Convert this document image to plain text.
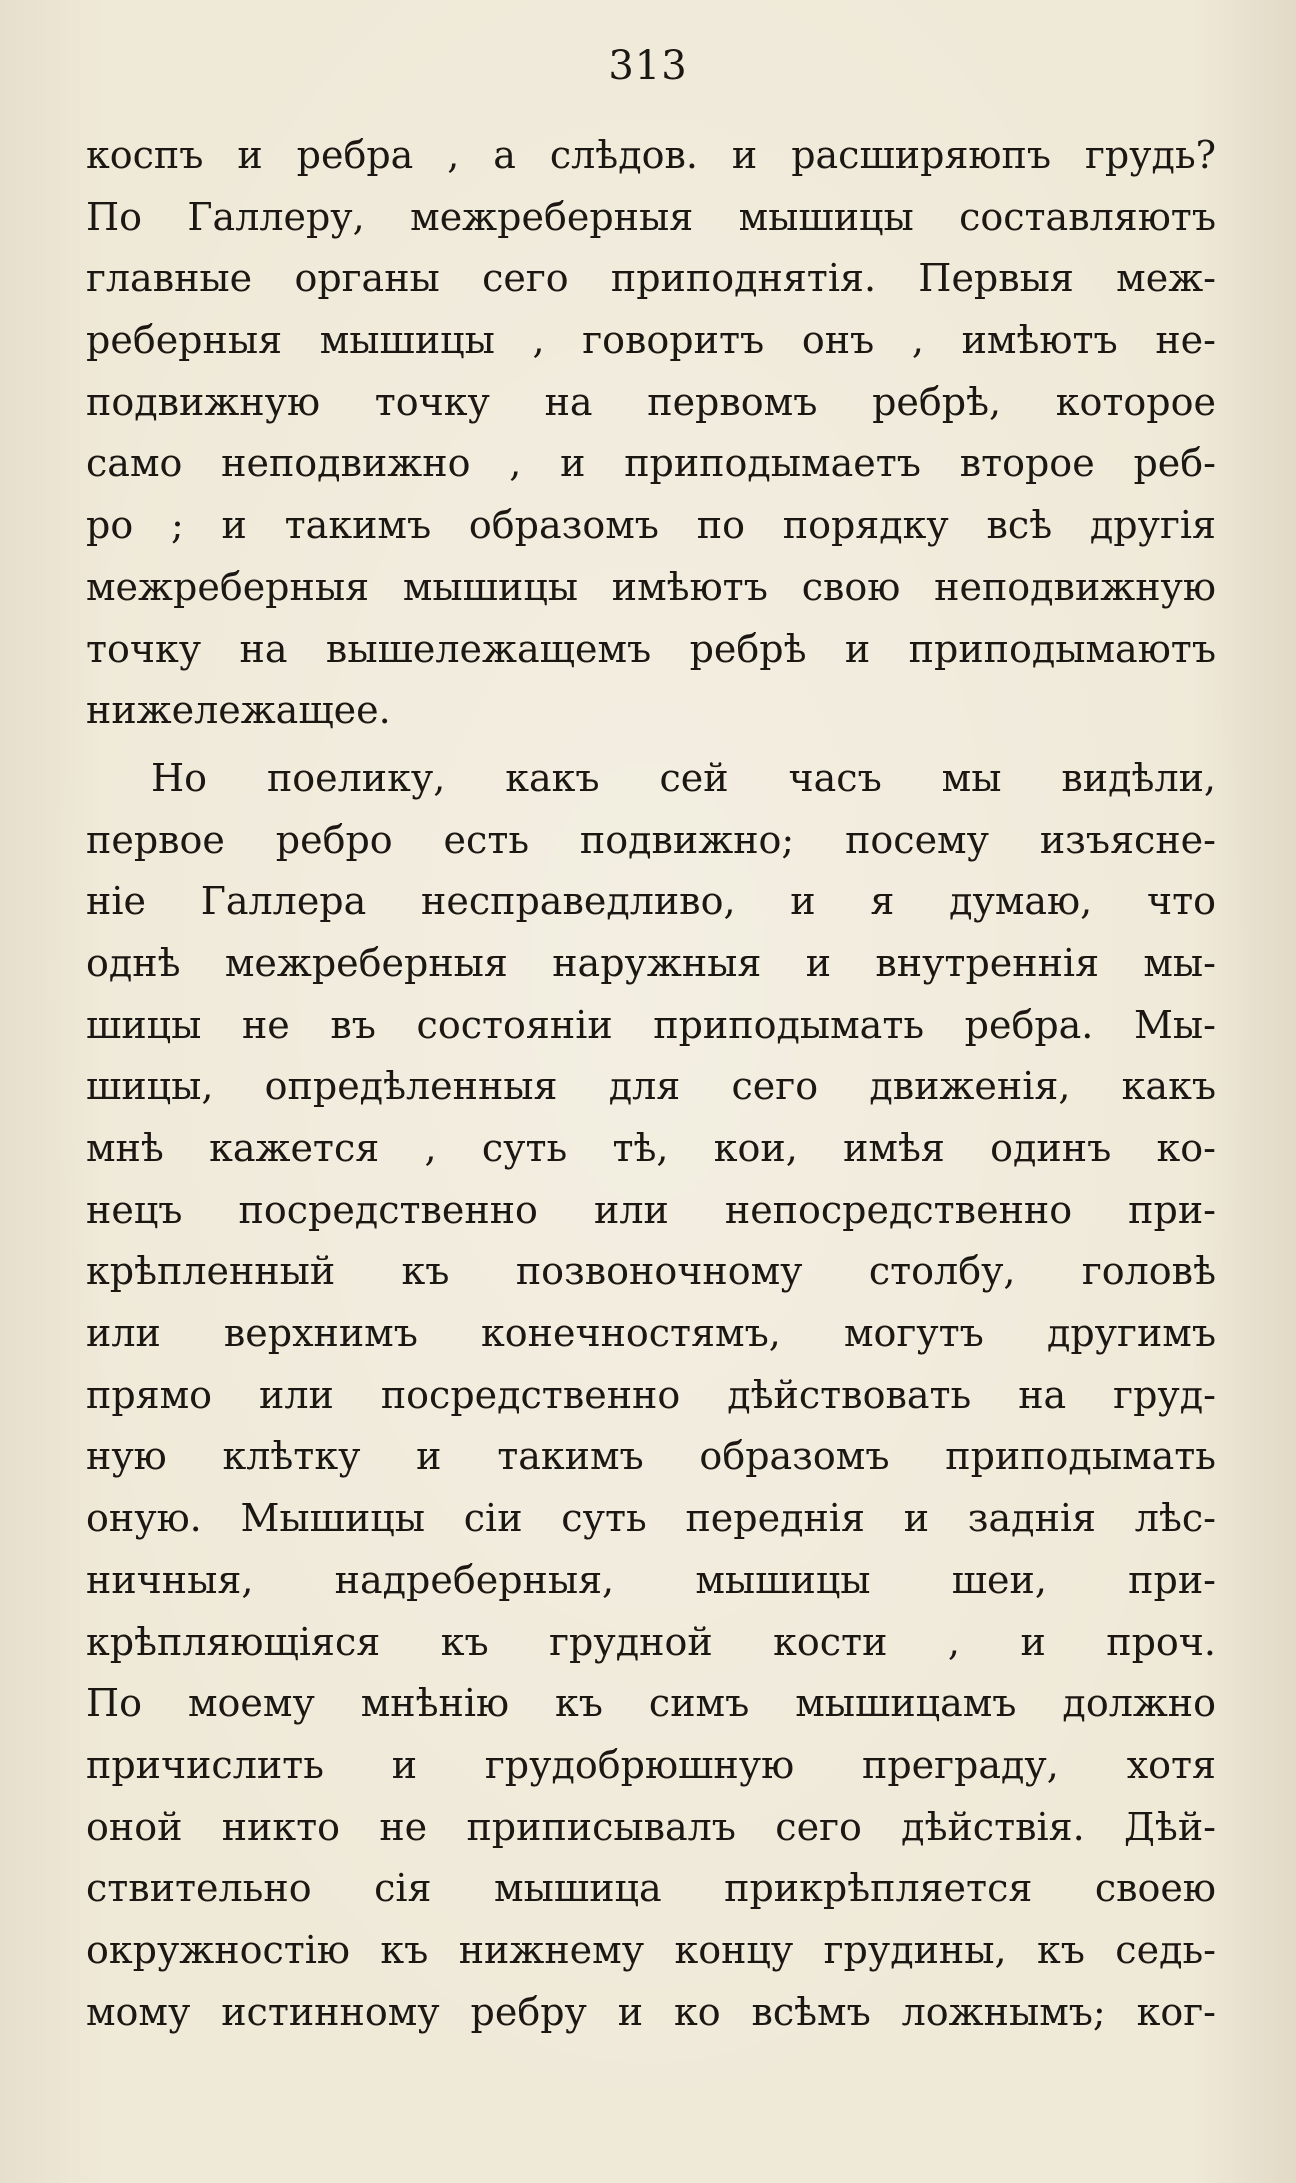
313
коспъ и ребра , а слѣдов. и расширяюпъ грудь?
По Галлеру, межреберныя мышицы составляютъ
главные органы сего приподнятія. Первыя меж-
реберныя мышицы , говоритъ онъ , имѣютъ не-
подвижную точку на первомъ ребрѣ, которое
само неподвижно , и приподымаетъ второе реб-
ро ; и такимъ образомъ по порядку всѣ другія
межреберныя мышицы имѣютъ свою неподвижную
точку на вышележащемъ ребрѣ и приподымаютъ
нижележащее.
Но поелику, какъ сей часъ мы видѣли,
первое ребро есть подвижно; посему изъясне-
ніе Галлера несправедливо, и я думаю, что
однѣ межреберныя наружныя и внутреннія мы-
шицы не въ состояніи приподымать ребра. Мы-
шицы, опредѣленныя для сего движенія, какъ
мнѣ кажется , суть тѣ, кои, имѣя одинъ ко-
нецъ посредственно или непосредственно при-
крѣпленный къ позвоночному столбу, головѣ
или верхнимъ конечностямъ, могутъ другимъ
прямо или посредственно дѣйствовать на груд-
ную клѣтку и такимъ образомъ приподымать
оную. Мышицы сіи суть переднія и заднія лѣс-
ничныя, надреберныя, мышицы шеи, при-
крѣпляющіяся къ грудной кости , и проч.
По моему мнѣнію къ симъ мышицамъ должно
причислить и грудобрюшную преграду, хотя
оной никто не приписывалъ сего дѣйствія. Дѣй-
ствительно сія мышица прикрѣпляется своею
окружностію къ нижнему концу грудины, къ седь-
мому истинному ребру и ко всѣмъ ложнымъ; ког-
